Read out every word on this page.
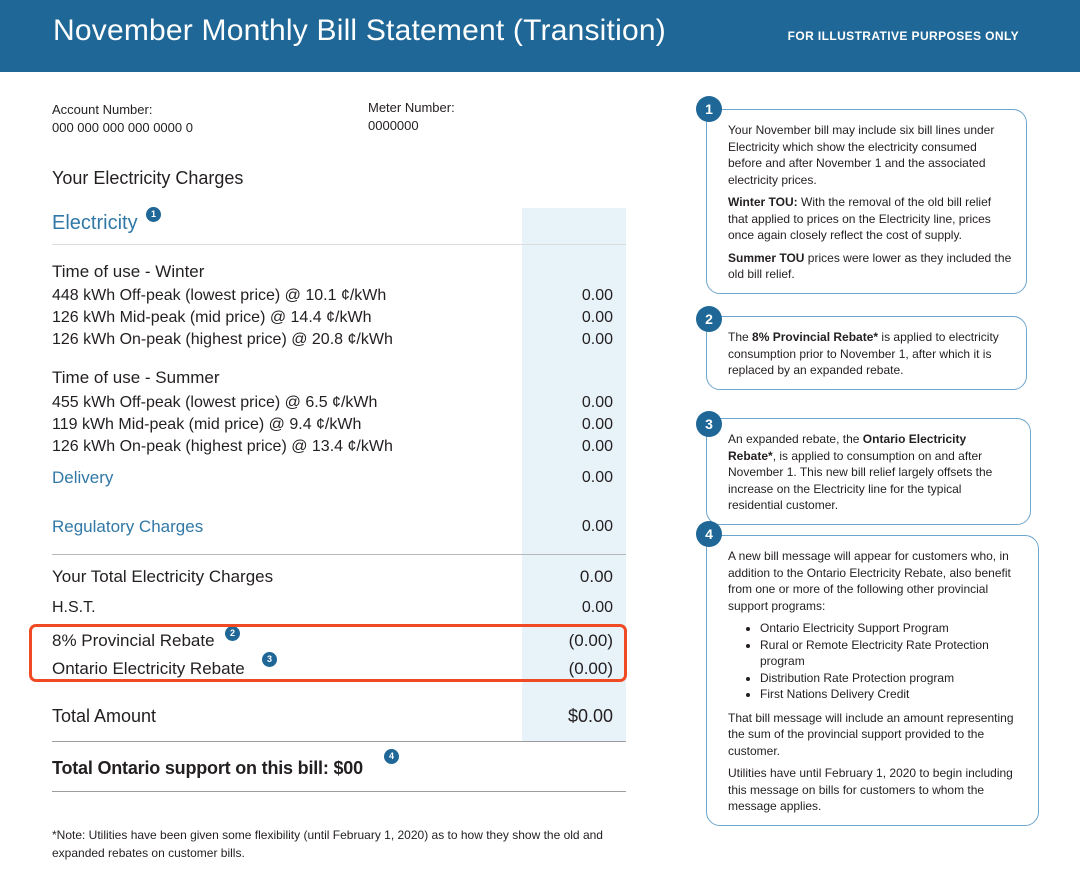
November Monthly Bill Statement (Transition)	FOR ILLUSTRATIVE PURPOSES ONLY
Account Number:
000 000 000 000 0000 0
Meter Number:
0000000
Your Electricity Charges
Electricity	1
Time of use - Winter
448 kWh Off-peak (lowest price) @ 10.1 ¢/kWh	0.00
126 kWh Mid-peak (mid price) @ 14.4 ¢/kWh	0.00
126 kWh On-peak (highest price) @ 20.8 ¢/kWh	0.00
Time of use - Summer
455 kWh Off-peak (lowest price) @ 6.5 ¢/kWh	0.00
119 kWh Mid-peak (mid price) @ 9.4 ¢/kWh	0.00
126 kWh On-peak (highest price) @ 13.4 ¢/kWh	0.00
Delivery	0.00
Regulatory Charges	0.00
Your Total Electricity Charges	0.00
H.S.T.	0.00
8% Provincial Rebate	2	(0.00)
Ontario Electricity Rebate	3	(0.00)
Total Amount	$0.00
Total Ontario support on this bill: $00
4
*Note: Utilities have been given some flexibility (until February 1, 2020) as to how they show the old and expanded rebates on customer bills.

Your November bill may include six bill lines under Electricity which show the electricity consumed before and after November 1 and the associated electricity prices.

Winter TOU: With the removal of the old bill relief that applied to prices on the Electricity line, prices once again closely reflect the cost of supply.

Summer TOU prices were lower as they included the old bill relief.

1

The 8% Provincial Rebate* is applied to electricity consumption prior to November 1, after which it is replaced by an expanded rebate.

2

An expanded rebate, the Ontario Electricity Rebate*, is applied to consumption on and after November 1. This new bill relief largely offsets the increase on the Electricity line for the typical residential customer.

3

A new bill message will appear for customers who, in addition to the Ontario Electricity Rebate, also benefit from one or more of the following other provincial support programs:

• Ontario Electricity Support Program
• Rural or Remote Electricity Rate Protection program
• Distribution Rate Protection program
• First Nations Delivery Credit

That bill message will include an amount representing the sum of the provincial support provided to the customer.

Utilities have until February 1, 2020 to begin including this message on bills for customers to whom the message applies.

4
